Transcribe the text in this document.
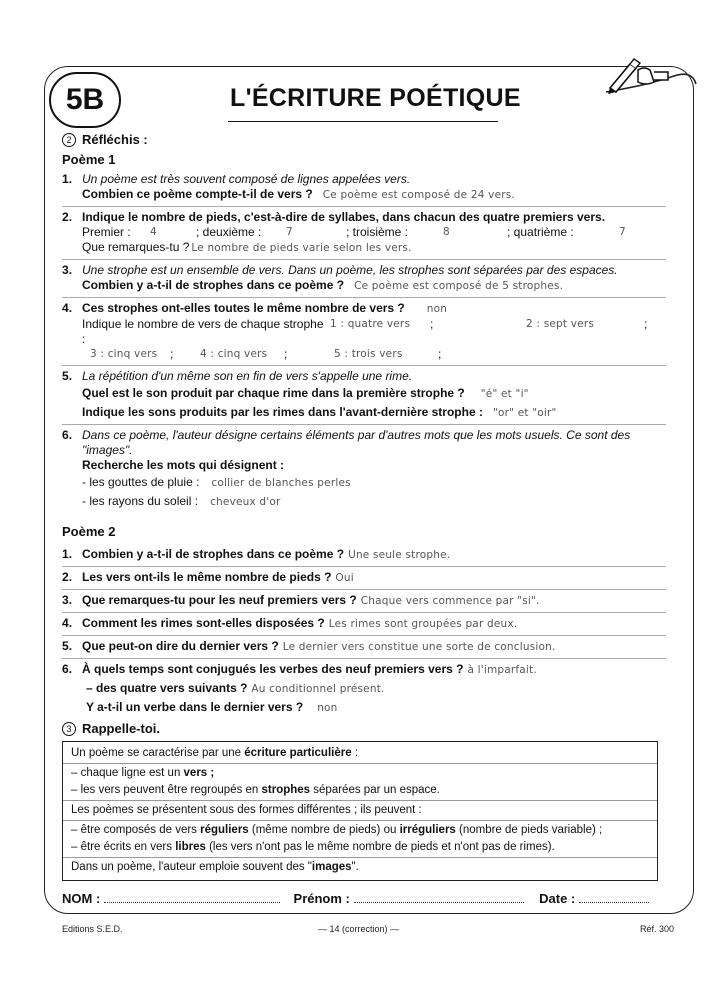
5B	L'ÉCRITURE POÉTIQUE
2 Réfléchis :
Poème 1
1 . Un poème est très souvent composé de lignes appelées vers.
Combien ce poème compte-t-il de vers ? Ce poème est composé de 24 vers.
2 . Indique le nombre de pieds, c'est-à-dire de syllabes, dans chacun des quatre premiers vers.
Premier :	4	; deuxième :	7	; troisième :	8	; quatrième :	7
Que remarques-tu ? Le nombre de pieds varie selon les vers.
3 . Une strophe est un ensemble de vers. Dans un poème, les strophes sont séparées par des espaces.
Combien y a-t-il de strophes dans ce poème ? Ce poème est composé de 5 strophes.
4 . Ces strophes ont-elles toutes le même nombre de vers ? non
Indique le nombre de vers de chaque strophe :
1 : quatre vers	;	2 : sept vers	;
3 : cinq vers	;	4 : cinq vers	;	5 : trois vers	;
5 . La répétition d'un même son en fin de vers s'appelle une rime.
Quel est le son produit par chaque rime dans la première strophe ? "é" et "i"
Indique les sons produits par les rimes dans l'avant-dernière strophe : "or" et "oir"
6 . Dans ce poème, l'auteur désigne certains éléments par d'autres mots que les mots usuels. Ce sont des "images".
Recherche les mots qui désignent :
- les gouttes de pluie : collier de blanches perles
- les rayons du soleil : cheveux d'or
Poème 2
1 . Combien y a-t-il de strophes dans ce poème ? Une seule strophe.
2 . Les vers ont-ils le même nombre de pieds ? Oui
3 . Que remarques-tu pour les neuf premiers vers ? Chaque vers commence par "si".
4 . Comment les rimes sont-elles disposées ? Les rimes sont groupées par deux.
5 . Que peut-on dire du dernier vers ? Le dernier vers constitue une sorte de conclusion.
6 . À quels temps sont conjugués les verbes des neuf premiers vers ? à l'imparfait.
– des quatre vers suivants ? Au conditionnel présent.
Y a-t-il un verbe dans le dernier vers ? non
3 Rappelle-toi.
Un poème se caractérise par une écriture particulière :
– chaque ligne est un vers ;
– les vers peuvent être regroupés en strophes séparées par un espace.
Les poèmes se présentent sous des formes différentes ; ils peuvent :
– être composés de vers réguliers (même nombre de pieds) ou irréguliers (nombre de pieds variable) ;
– être écrits en vers libres (les vers n'ont pas le même nombre de pieds et n'ont pas de rimes).
Dans un poème, l'auteur emploie souvent des "images".
NOM :	Prénom :	Date :
Editions S.E.D.	— 14 (correction) —	Réf. 300
